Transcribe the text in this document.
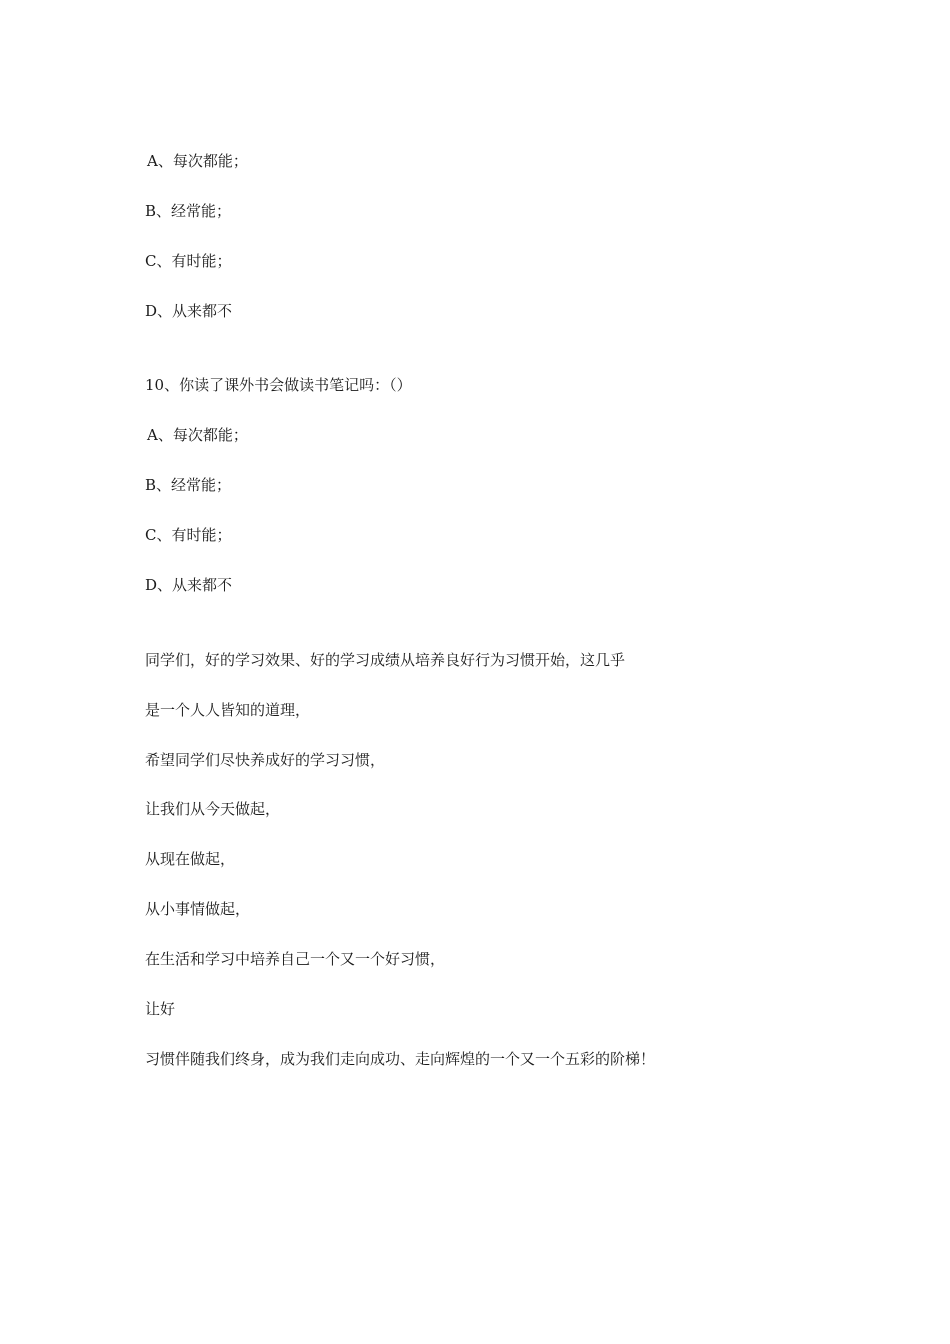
A、每次都能；
B、经常能；
C、有时能；
D、从来都不
10、你读了课外书会做读书笔记吗：（）
A、每次都能；
B、经常能；
C、有时能；
D、从来都不
同学们，好的学习效果、好的学习成绩从培养良好行为习惯开始，这几乎
是一个人人皆知的道理，
希望同学们尽快养成好的学习习惯，
让我们从今天做起，
从现在做起，
从小事情做起，
在生活和学习中培养自己一个又一个好习惯，
让好
习惯伴随我们终身，成为我们走向成功、走向辉煌的一个又一个五彩的阶梯！
